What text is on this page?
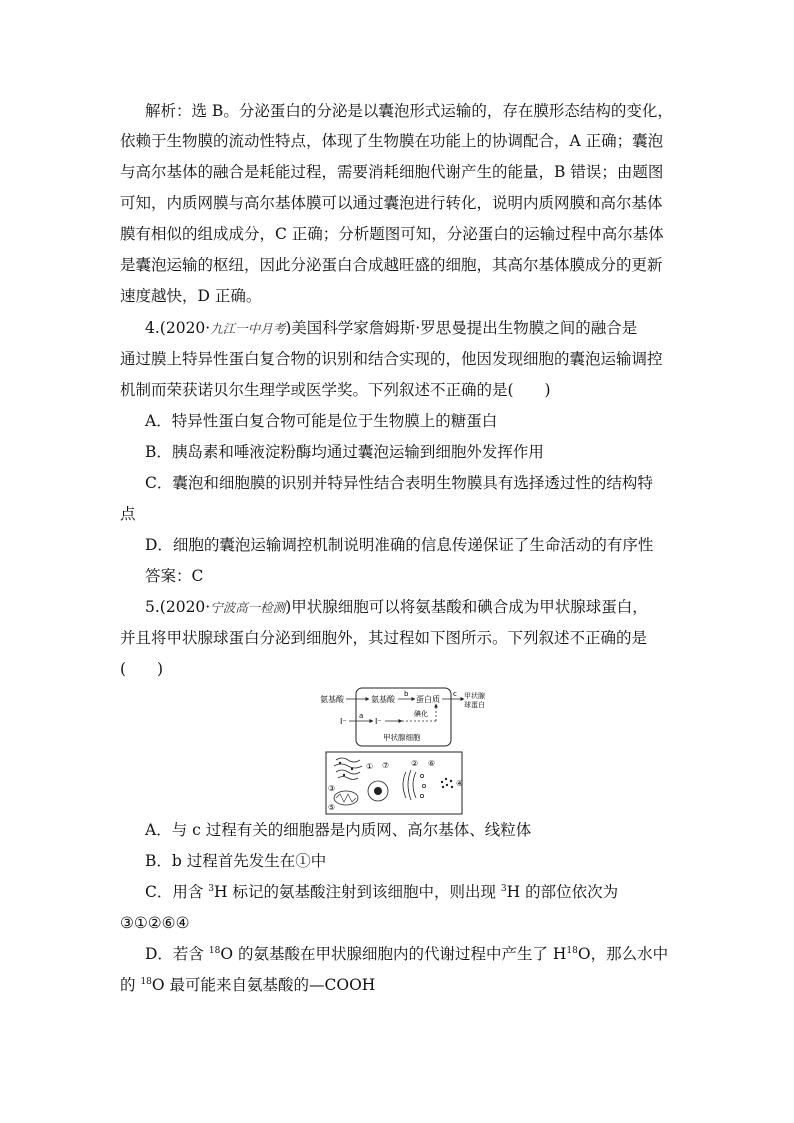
解析：选 B。分泌蛋白的分泌是以囊泡形式运输的，存在膜形态结构的变化，
依赖于生物膜的流动性特点，体现了生物膜在功能上的协调配合，A 正确；囊泡
与高尔基体的融合是耗能过程，需要消耗细胞代谢产生的能量，B 错误；由题图
可知，内质网膜与高尔基体膜可以通过囊泡进行转化，说明内质网膜和高尔基体
膜有相似的组成成分，C 正确；分析题图可知，分泌蛋白的运输过程中高尔基体
是囊泡运输的枢纽，因此分泌蛋白合成越旺盛的细胞，其高尔基体膜成分的更新
速度越快，D 正确。
4.(2020·九江一中月考)美国科学家詹姆斯·罗思曼提出生物膜之间的融合是
通过膜上特异性蛋白复合物的识别和结合实现的，他因发现细胞的囊泡运输调控
机制而荣获诺贝尔生理学或医学奖。下列叙述不正确的是(　　)
A．特异性蛋白复合物可能是位于生物膜上的糖蛋白
B．胰岛素和唾液淀粉酶均通过囊泡运输到细胞外发挥作用
C．囊泡和细胞膜的识别并特异性结合表明生物膜具有选择透过性的结构特
点
D．细胞的囊泡运输调控机制说明准确的信息传递保证了生命活动的有序性
答案：C
5.(2020·宁波高一检测)甲状腺细胞可以将氨基酸和碘合成为甲状腺球蛋白，
并且将甲状腺球蛋白分泌到细胞外，其过程如下图所示。下列叙述不正确的是
(　　)
氨基酸	氨基酸
b
蛋白质
c 甲状腺
球蛋白
I⁻
a
I⁻
碘化
甲状腺细胞
① ⑦
③
⑤
② ⑥
④
A．与 c 过程有关的细胞器是内质网、高尔基体、线粒体
B．b 过程首先发生在①中
C．用含 $^3$H 标记的氨基酸注射到该细胞中，则出现 $^3$H 的部位依次为
③①②⑥④
D．若含 $^{18}$O 的氨基酸在甲状腺细胞内的代谢过程中产生了 $H^{18}O$，那么水中
的 $^{18}$O 最可能来自氨基酸的—COOH
